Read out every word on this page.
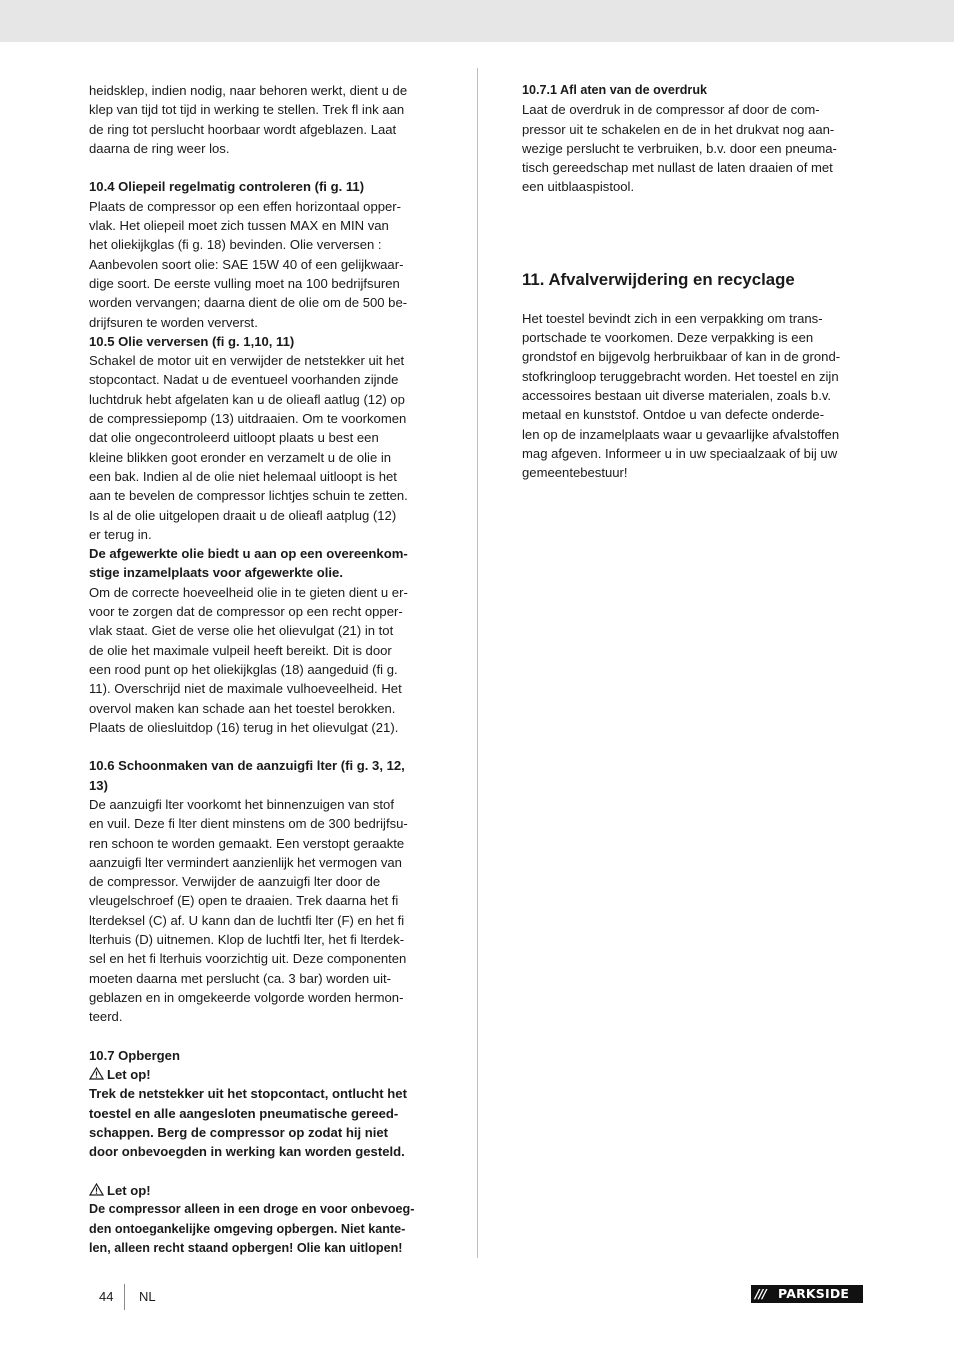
heidsklep, indien nodig, naar behoren werkt, dient u de
klep van tijd tot tijd in werking te stellen. Trek fl ink aan
de ring tot perslucht hoorbaar wordt afgeblazen. Laat
daarna de ring weer los.
10.4 Oliepeil regelmatig controleren (fi g. 11)
Plaats de compressor op een effen horizontaal opper-
vlak. Het oliepeil moet zich tussen MAX en MIN van
het oliekijkglas (fi g. 18) bevinden. Olie verversen :
Aanbevolen soort olie: SAE 15W 40 of een gelijkwaar-
dige soort. De eerste vulling moet na 100 bedrijfsuren
worden vervangen; daarna dient de olie om de 500 be-
drijfsuren te worden ververst.
10.5 Olie verversen (fi g. 1,10, 11)
Schakel de motor uit en verwijder de netstekker uit het
stopcontact. Nadat u de eventueel voorhanden zijnde
luchtdruk hebt afgelaten kan u de olieafl aatlug (12) op
de compressiepomp (13) uitdraaien. Om te voorkomen
dat olie ongecontroleerd uitloopt plaats u best een
kleine blikken goot eronder en verzamelt u de olie in
een bak. Indien al de olie niet helemaal uitloopt is het
aan te bevelen de compressor lichtjes schuin te zetten.
Is al de olie uitgelopen draait u de olieafl aatplug (12)
er terug in.
De afgewerkte olie biedt u aan op een overeenkom-
stige inzamelplaats voor afgewerkte olie.
Om de correcte hoeveelheid olie in te gieten dient u er-
voor te zorgen dat de compressor op een recht opper-
vlak staat. Giet de verse olie het olievulgat (21) in tot
de olie het maximale vulpeil heeft bereikt. Dit is door
een rood punt op het oliekijkglas (18) aangeduid (fi g.
11). Overschrijd niet de maximale vulhoeveelheid. Het
overvol maken kan schade aan het toestel berokken.
Plaats de oliesluitdop (16) terug in het olievulgat (21).
10.6 Schoonmaken van de aanzuigfi lter (fi g. 3, 12,
13)
De aanzuigfi lter voorkomt het binnenzuigen van stof
en vuil. Deze fi lter dient minstens om de 300 bedrijfsu-
ren schoon te worden gemaakt. Een verstopt geraakte
aanzuigfi lter vermindert aanzienlijk het vermogen van
de compressor. Verwijder de aanzuigfi lter door de
vleugelschroef (E) open te draaien. Trek daarna het fi
lterdeksel (C) af. U kann dan de luchtfi lter (F) en het fi
lterhuis (D) uitnemen. Klop de luchtfi lter, het fi lterdek-
sel en het fi lterhuis voorzichtig uit. Deze componenten
moeten daarna met perslucht (ca. 3 bar) worden uit-
geblazen en in omgekeerde volgorde worden hermon-
teerd.
10.7 Opbergen
Let op!
Trek de netstekker uit het stopcontact, ontlucht het
toestel en alle aangesloten pneumatische gereed-
schappen. Berg de compressor op zodat hij niet
door onbevoegden in werking kan worden gesteld.
Let op!
De compressor alleen in een droge en voor onbevoeg-
den ontoegankelijke omgeving opbergen. Niet kante-
len, alleen recht staand opbergen! Olie kan uitlopen!
10.7.1 Afl aten van de overdruk
Laat de overdruk in de compressor af door de com-
pressor uit te schakelen en de in het drukvat nog aan-
wezige perslucht te verbruiken, b.v. door een pneuma-
tisch gereedschap met nullast de laten draaien of met
een uitblaaspistool.
11. Afvalverwijdering en recyclage
Het toestel bevindt zich in een verpakking om trans-
portschade te voorkomen. Deze verpakking is een
grondstof en bijgevolg herbruikbaar of kan in de grond-
stofkringloop teruggebracht worden. Het toestel en zijn
accessoires bestaan uit diverse materialen, zoals b.v.
metaal en kunststof. Ontdoe u van defecte onderde-
len op de inzamelplaats waar u gevaarlijke afvalstoffen
mag afgeven. Informeer u in uw speciaalzaak of bij uw
gemeentebestuur!
44 NL	/// PARKSIDE
